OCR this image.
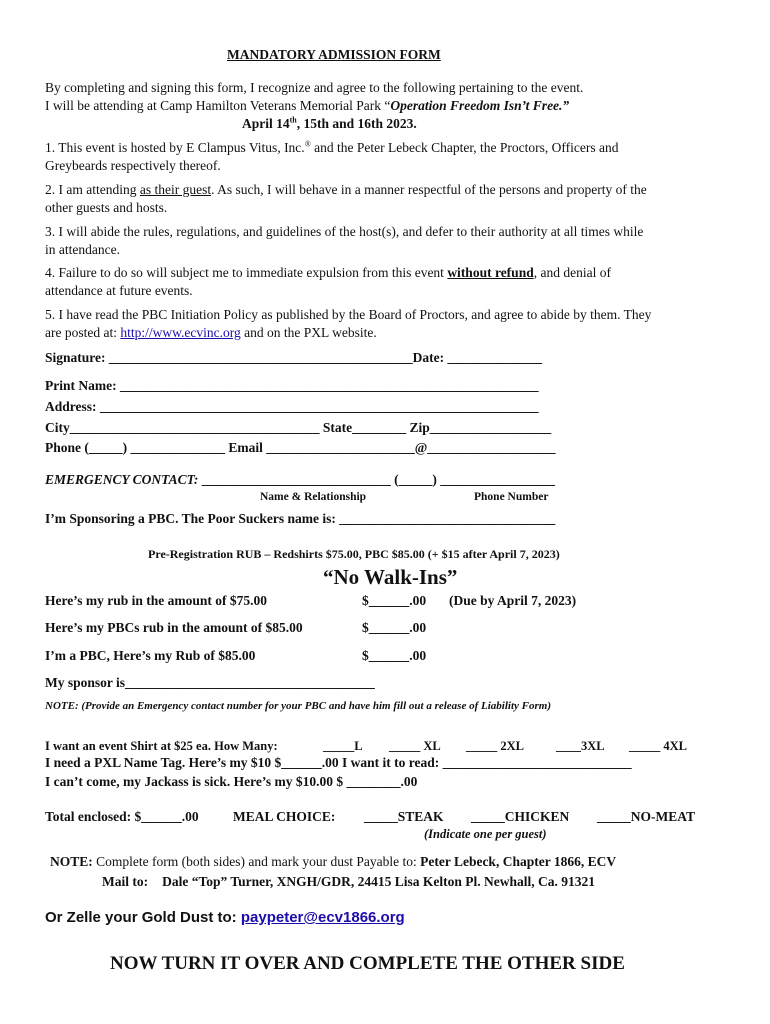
MANDATORY ADMISSION FORM
By completing and signing this form, I recognize and agree to the following pertaining to the event.
I will be attending at Camp Hamilton Veterans Memorial Park “Operation Freedom Isn’t Free.”
April 14th, 15th and 16th 2023.
1. This event is hosted by E Clampus Vitus, Inc.® and the Peter Lebeck Chapter, the Proctors, Officers and
Greybeards respectively thereof.
2. I am attending as their guest. As such, I will behave in a manner respectful of the persons and property of the
other guests and hosts.
3. I will abide the rules, regulations, and guidelines of the host(s), and defer to their authority at all times while
in attendance.
4. Failure to do so will subject me to immediate expulsion from this event without refund, and denial of
attendance at future events.
5. I have read the PBC Initiation Policy as published by the Board of Proctors, and agree to abide by them. They
are posted at: http://www.ecvinc.org and on the PXL website.
Signature: _____________________________________________Date: ______________
Print Name: ______________________________________________________________
Address: _________________________________________________________________
City_____________________________________ State________ Zip__________________
Phone (_____) ______________ Email ______________________@___________________
EMERGENCY CONTACT: ____________________________ (_____) _________________
Name & Relationship	Phone Number
I’m Sponsoring a PBC. The Poor Suckers name is: ________________________________
Pre-Registration RUB – Redshirts $75.00, PBC $85.00 (+ $15 after April 7, 2023)
“No Walk-Ins”
Here’s my rub in the amount of $75.00	$______.00 (Due by April 7, 2023)
Here’s my PBCs rub in the amount of $85.00	$______.00
I’m a PBC, Here’s my Rub of $85.00	$______.00
My sponsor is_____________________________________
NOTE: (Provide an Emergency contact number for your PBC and have him fill out a release of Liability Form)
I want an event Shirt at $25 ea. How Many:	_____L _____ XL _____ 2XL	____3XL _____ 4XL
I need a PXL Name Tag. Here’s my $10 $______.00 I want it to read: ____________________________
I can’t come, my Jackass is sick. Here’s my $10.00 $ ________.00
Total enclosed: $______.00	MEAL CHOICE: _____STEAK _____CHICKEN _____NO-MEAT
(Indicate one per guest)
NOTE: Complete form (both sides) and mark your dust Payable to: Peter Lebeck, Chapter 1866, ECV
Mail to: Dale “Top” Turner, XNGH/GDR, 24415 Lisa Kelton Pl. Newhall, Ca. 91321
Or Zelle your Gold Dust to: paypeter@ecv1866.org
NOW TURN IT OVER AND COMPLETE THE OTHER SIDE
